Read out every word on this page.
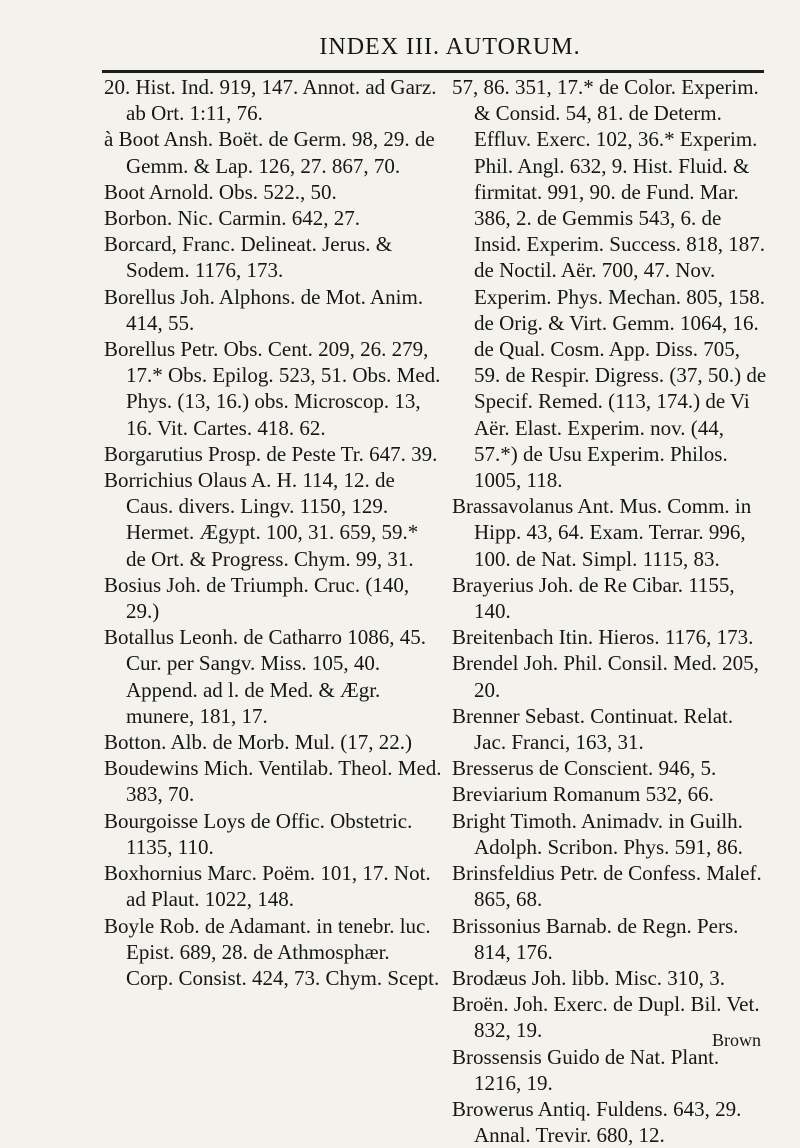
INDEX III. AUTORUM.
20. Hist. Ind. 919, 147. Annot. ad Garz. ab Ort. 1:11, 76.
à Boot Ansh. Boët. de Germ. 98, 29. de Gemm. & Lap. 126, 27. 867, 70.
Boot Arnold. Obs. 522., 50.
Borbon. Nic. Carmin. 642, 27.
Borcard, Franc. Delineat. Jerus. & Sodem. 1176, 173.
Borellus Joh. Alphons. de Mot. Anim. 414, 55.
Borellus Petr. Obs. Cent. 209, 26. 279, 17.* Obs. Epilog. 523, 51. Obs. Med. Phys. (13, 16.) obs. Microscop. 13, 16. Vit. Cartes. 418. 62.
Borgarutius Prosp. de Peste Tr. 647. 39.
Borrichius Olaus A. H. 114, 12. de Caus. divers. Lingv. 1150, 129. Hermet. Ægypt. 100, 31. 659, 59.* de Ort. & Progress. Chym. 99, 31.
Bosius Joh. de Triumph. Cruc. (140, 29.)
Botallus Leonh. de Catharro 1086, 45. Cur. per Sangv. Miss. 105, 40. Append. ad l. de Med. & Ægr. munere, 181, 17.
Botton. Alb. de Morb. Mul. (17, 22.)
Boudewins Mich. Ventilab. Theol. Med. 383, 70.
Bourgoisse Loys de Offic. Obstetric. 1135, 110.
Boxhornius Marc. Poëm. 101, 17. Not. ad Plaut. 1022, 148.
Boyle Rob. de Adamant. in tenebr. luc. Epist. 689, 28. de Athmosphær. Corp. Consist. 424, 73. Chym. Scept.
57, 86. 351, 17.* de Color. Experim. & Consid. 54, 81. de Determ. Effluv. Exerc. 102, 36.* Experim. Phil. Angl. 632, 9. Hist. Fluid. & firmitat. 991, 90. de Fund. Mar. 386, 2. de Gemmis 543, 6. de Insid. Experim. Success. 818, 187. de Noctil. Aër. 700, 47. Nov. Experim. Phys. Mechan. 805, 158. de Orig. & Virt. Gemm. 1064, 16. de Qual. Cosm. App. Diss. 705, 59. de Respir. Digress. (37, 50.) de Specif. Remed. (113, 174.) de Vi Aër. Elast. Experim. nov. (44, 57.*) de Usu Experim. Philos. 1005, 118.
Brassavolanus Ant. Mus. Comm. in Hipp. 43, 64. Exam. Terrar. 996, 100. de Nat. Simpl. 1115, 83.
Brayerius Joh. de Re Cibar. 1155, 140.
Breitenbach Itin. Hieros. 1176, 173.
Brendel Joh. Phil. Consil. Med. 205, 20.
Brenner Sebast. Continuat. Relat. Jac. Franci, 163, 31.
Bresserus de Conscient. 946, 5.
Breviarium Romanum 532, 66.
Bright Timoth. Animadv. in Guilh. Adolph. Scribon. Phys. 591, 86.
Brinsfeldius Petr. de Confess. Malef. 865, 68.
Brissonius Barnab. de Regn. Pers. 814, 176.
Brodæus Joh. libb. Misc. 310, 3.
Broën. Joh. Exerc. de Dupl. Bil. Vet. 832, 19.
Brossensis Guido de Nat. Plant. 1216, 19.
Browerus Antiq. Fuldens. 643, 29. Annal. Trevir. 680, 12.
Brown
